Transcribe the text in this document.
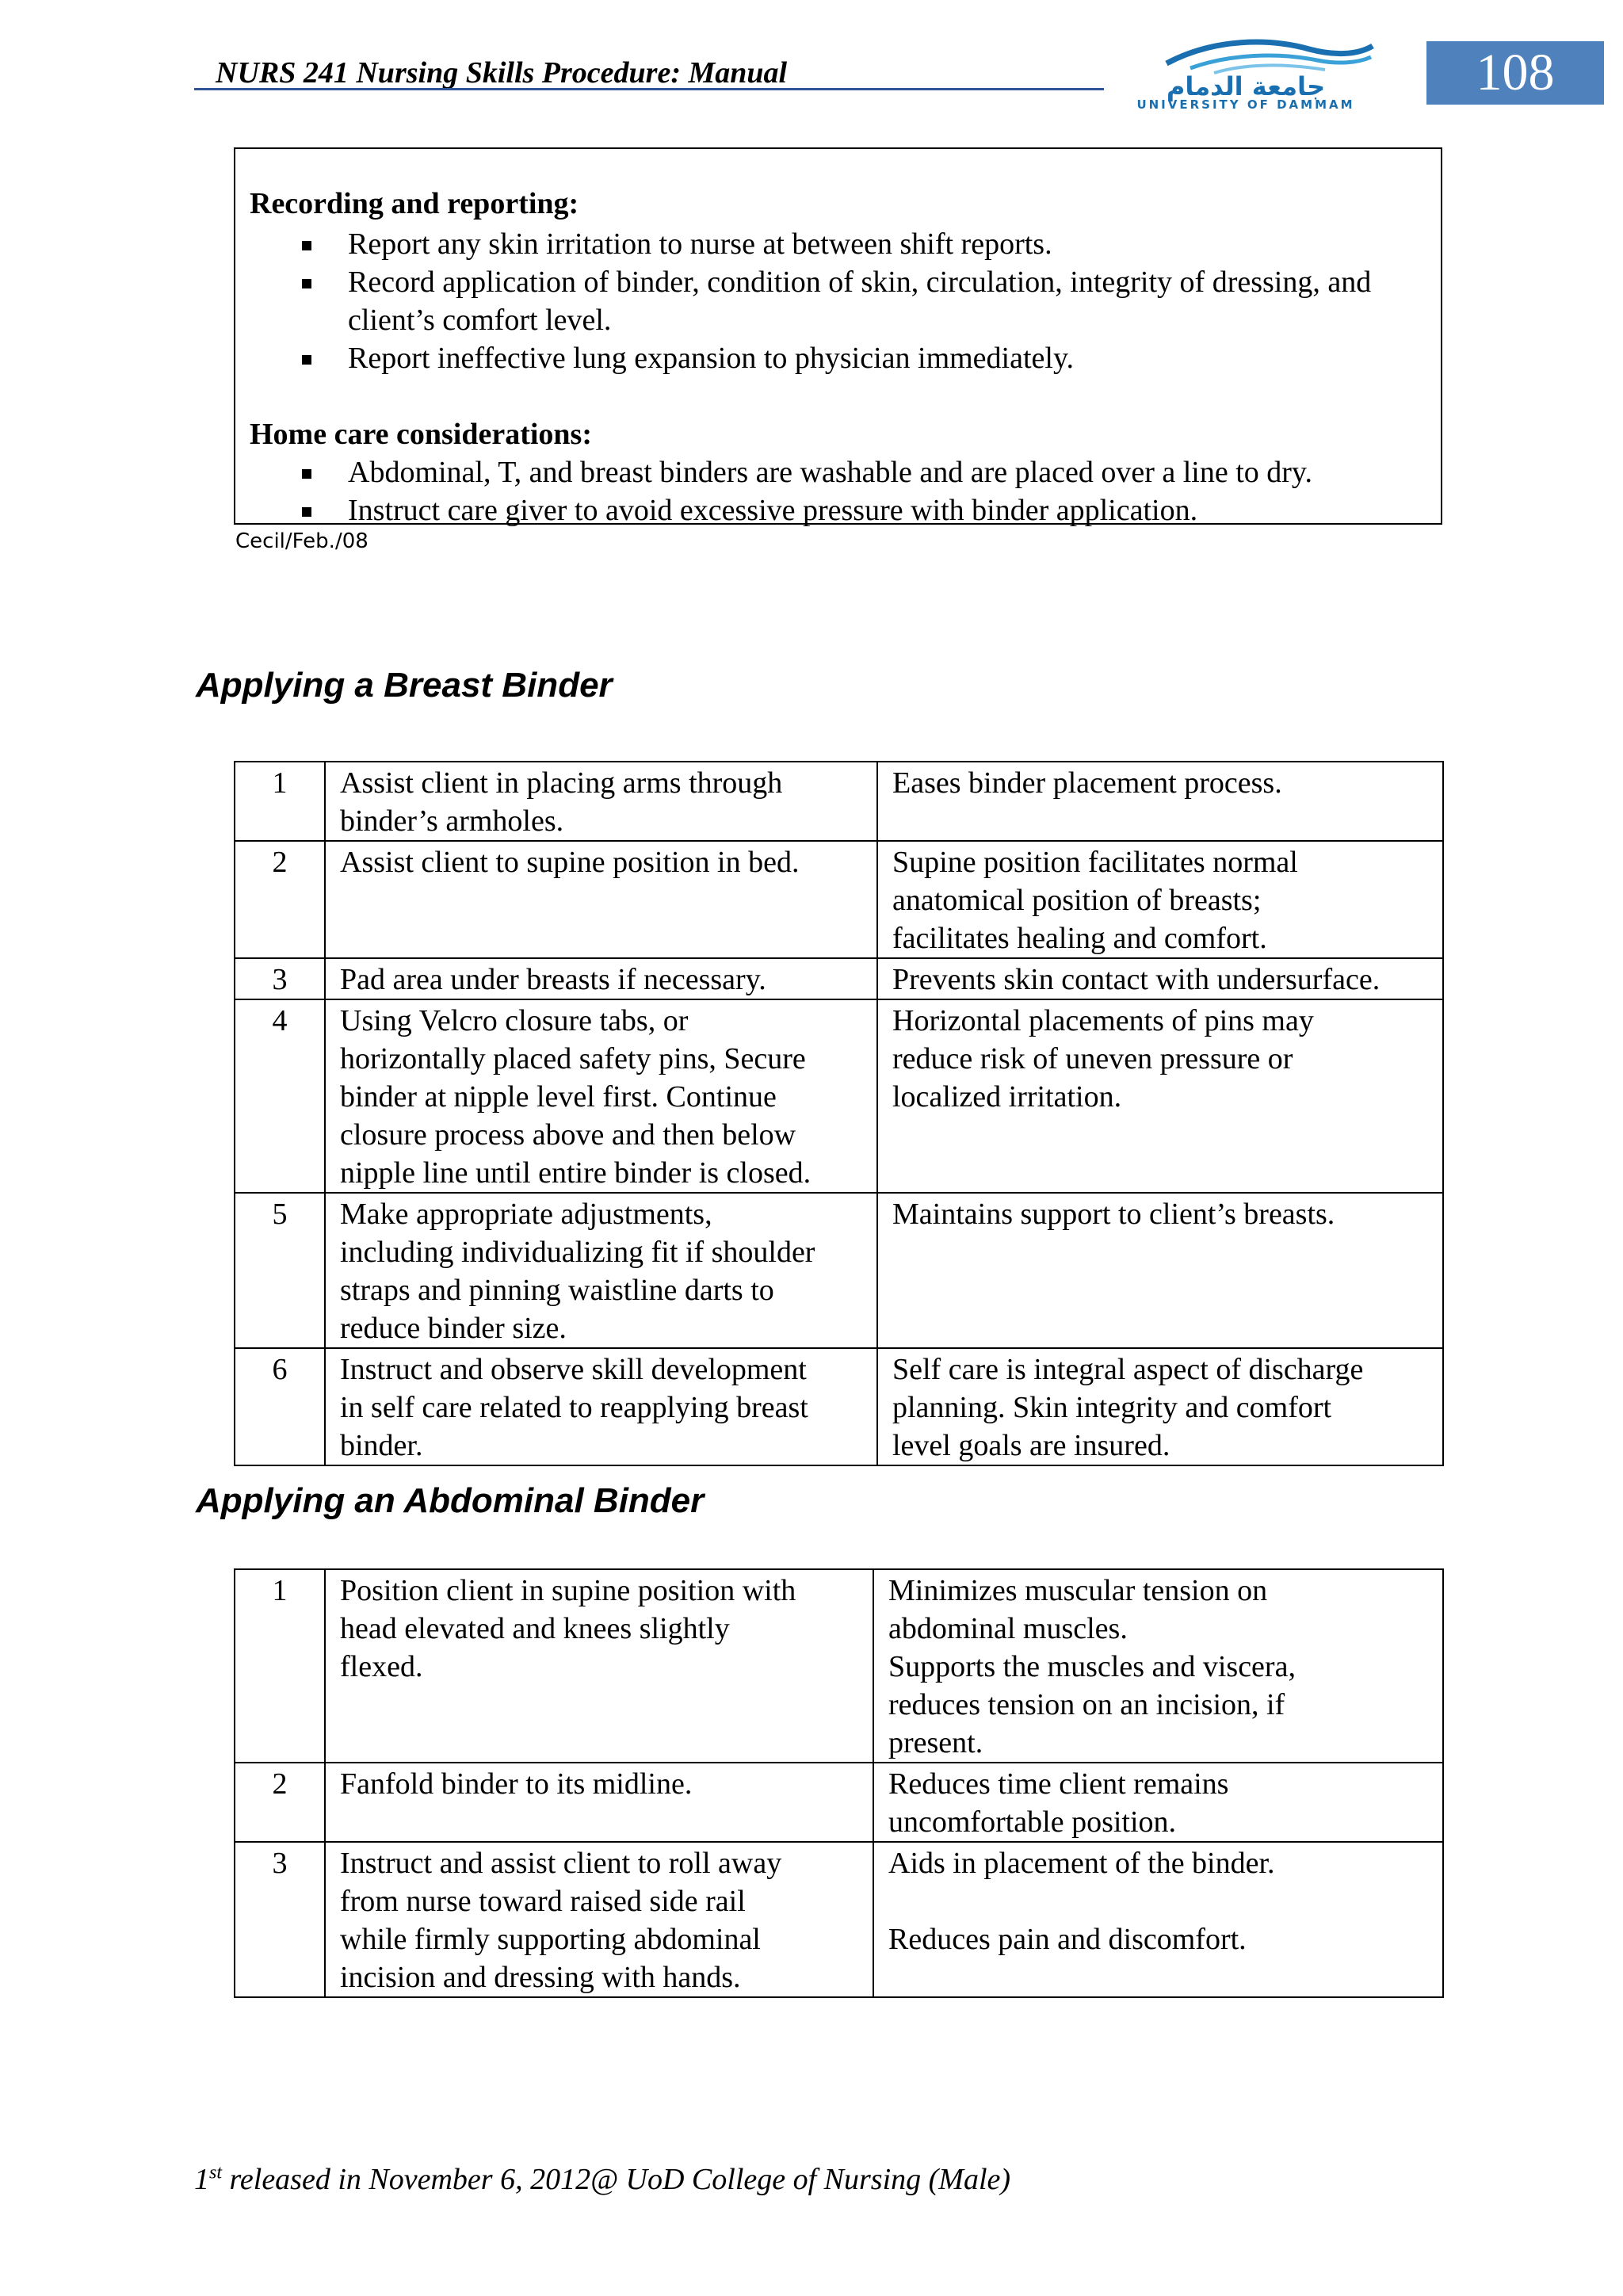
NURS 241 Nursing Skills Procedure: Manual	جامعة الدمام
UNIVERSITY OF DAMMAM
108
Recording and reporting:
Report any skin irritation to nurse at between shift reports.
Record application of binder, condition of skin, circulation, integrity of dressing, and client’s comfort level.
Report ineffective lung expansion to physician immediately.
Home care considerations:
Abdominal, T, and breast binders are washable and are placed over a line to dry.
Instruct care giver to avoid excessive pressure with binder application.
Cecil/Feb./08
Applying a Breast Binder
1	Assist client in placing arms through
binder’s armholes.	Eases binder placement process.
2	Assist client to supine position in bed.	Supine position facilitates normal
anatomical position of breasts;
facilitates healing and comfort.
3	Pad area under breasts if necessary.	Prevents skin contact with undersurface.
4	Using Velcro closure tabs, or
horizontally placed safety pins, Secure
binder at nipple level first. Continue
closure process above and then below
nipple line until entire binder is closed.	Horizontal placements of pins may
reduce risk of uneven pressure or
localized irritation.
5	Make appropriate adjustments,
including individualizing fit if shoulder
straps and pinning waistline darts to
reduce binder size.	Maintains support to client’s breasts.
6	Instruct and observe skill development
in self care related to reapplying breast
binder.	Self care is integral aspect of discharge
planning. Skin integrity and comfort
level goals are insured.
Applying an Abdominal Binder
1	Position client in supine position with
head elevated and knees slightly
flexed.	Minimizes muscular tension on
abdominal muscles.
Supports the muscles and viscera,
reduces tension on an incision, if
present.
2	Fanfold binder to its midline.	Reduces time client remains
uncomfortable position.
3	Instruct and assist client to roll away
from nurse toward raised side rail
while firmly supporting abdominal
incision and dressing with hands.	Aids in placement of the binder.

Reduces pain and discomfort.
1st released in November 6, 2012@ UoD College of Nursing (Male)
